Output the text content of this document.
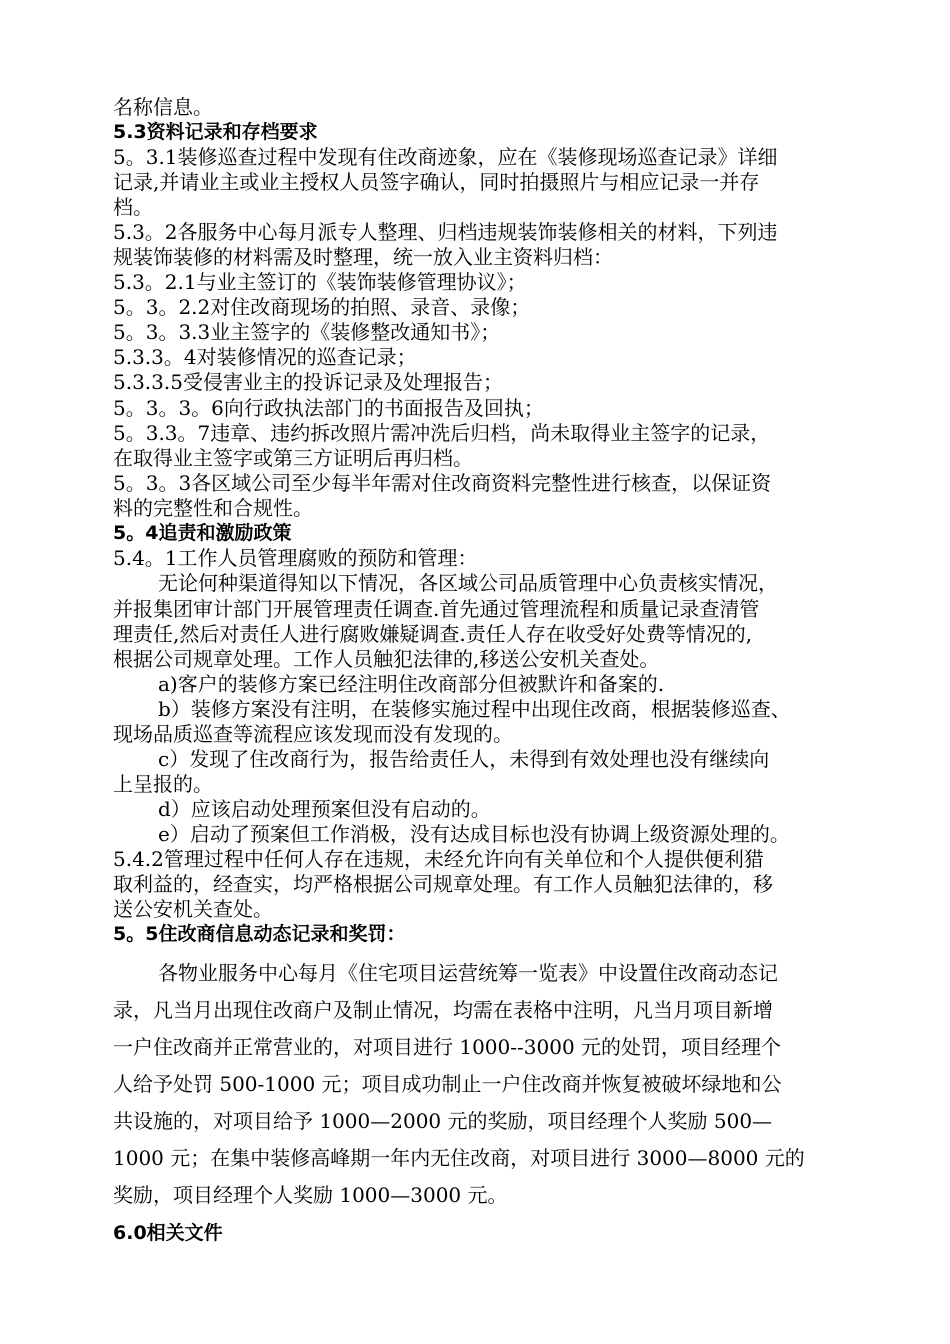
名称信息。

5.3资料记录和存档要求

5。3.1装修巡查过程中发现有住改商迹象，应在《装修现场巡查记录》详细

记录,并请业主或业主授权人员签字确认，同时拍摄照片与相应记录一并存

档。

5.3。2各服务中心每月派专人整理、归档违规装饰装修相关的材料，下列违

规装饰装修的材料需及时整理，统一放入业主资料归档：

5.3。2.1与业主签订的《装饰装修管理协议》；

5。3。2.2对住改商现场的拍照、录音、录像；

5。3。3.3业主签字的《装修整改通知书》；

5.3.3。4对装修情况的巡查记录；

5.3.3.5受侵害业主的投诉记录及处理报告；

5。3。3。6向行政执法部门的书面报告及回执；

5。3.3。7违章、违约拆改照片需冲洗后归档，尚未取得业主签字的记录，

在取得业主签字或第三方证明后再归档。

5。3。3各区域公司至少每半年需对住改商资料完整性进行核查，以保证资

料的完整性和合规性。

5。4追责和激励政策

5.4。1工作人员管理腐败的预防和管理：

无论何种渠道得知以下情况，各区域公司品质管理中心负责核实情况，

并报集团审计部门开展管理责任调查.首先通过管理流程和质量记录查清管

理责任,然后对责任人进行腐败嫌疑调查.责任人存在收受好处费等情况的,

根据公司规章处理。工作人员触犯法律的,移送公安机关查处。

a)客户的装修方案已经注明住改商部分但被默许和备案的.

b）装修方案没有注明，在装修实施过程中出现住改商，根据装修巡查、

现场品质巡查等流程应该发现而没有发现的。

c）发现了住改商行为，报告给责任人，未得到有效处理也没有继续向

上呈报的。

d）应该启动处理预案但没有启动的。

e）启动了预案但工作消极，没有达成目标也没有协调上级资源处理的。

5.4.2管理过程中任何人存在违规，未经允许向有关单位和个人提供便利猎

取利益的，经查实，均严格根据公司规章处理。有工作人员触犯法律的，移

送公安机关查处。

5。5住改商信息动态记录和奖罚：

各物业服务中心每月《住宅项目运营统筹一览表》中设置住改商动态记

录，凡当月出现住改商户及制止情况，均需在表格中注明，凡当月项目新增

一户住改商并正常营业的，对项目进行 1000--3000 元的处罚，项目经理个

人给予处罚 500-1000 元；项目成功制止一户住改商并恢复被破坏绿地和公

共设施的，对项目给予 1000—2000 元的奖励，项目经理个人奖励 500—

1000 元；在集中装修高峰期一年内无住改商，对项目进行 3000—8000 元的

奖励，项目经理个人奖励 1000—3000 元。

6.0相关文件
